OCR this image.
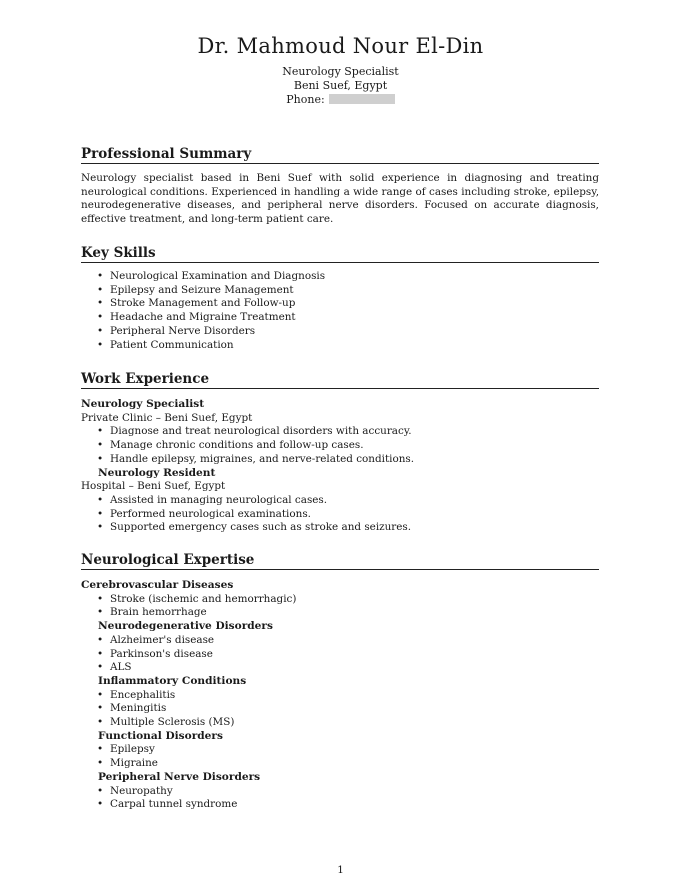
Dr. Mahmoud Nour El-Din
Neurology Specialist
Beni Suef, Egypt
Phone:
Professional Summary
Neurology specialist based in Beni Suef with solid experience in diagnosing and treating neurological conditions. Experienced in handling a wide range of cases including stroke, epilepsy, neurodegenerative diseases, and peripheral nerve disorders. Focused on accurate diagnosis, effective treatment, and long-term patient care.
Key Skills
• Neurological Examination and Diagnosis
• Epilepsy and Seizure Management
• Stroke Management and Follow-up
• Headache and Migraine Treatment
• Peripheral Nerve Disorders
• Patient Communication
Work Experience
Neurology Specialist
Private Clinic – Beni Suef, Egypt
• Diagnose and treat neurological disorders with accuracy.
• Manage chronic conditions and follow-up cases.
• Handle epilepsy, migraines, and nerve-related conditions.
Neurology Resident
Hospital – Beni Suef, Egypt
• Assisted in managing neurological cases.
• Performed neurological examinations.
• Supported emergency cases such as stroke and seizures.
Neurological Expertise
Cerebrovascular Diseases
• Stroke (ischemic and hemorrhagic)
• Brain hemorrhage
Neurodegenerative Disorders
• Alzheimer's disease
• Parkinson's disease
• ALS
Inflammatory Conditions
• Encephalitis
• Meningitis
• Multiple Sclerosis (MS)
Functional Disorders
• Epilepsy
• Migraine
Peripheral Nerve Disorders
• Neuropathy
• Carpal tunnel syndrome
1
